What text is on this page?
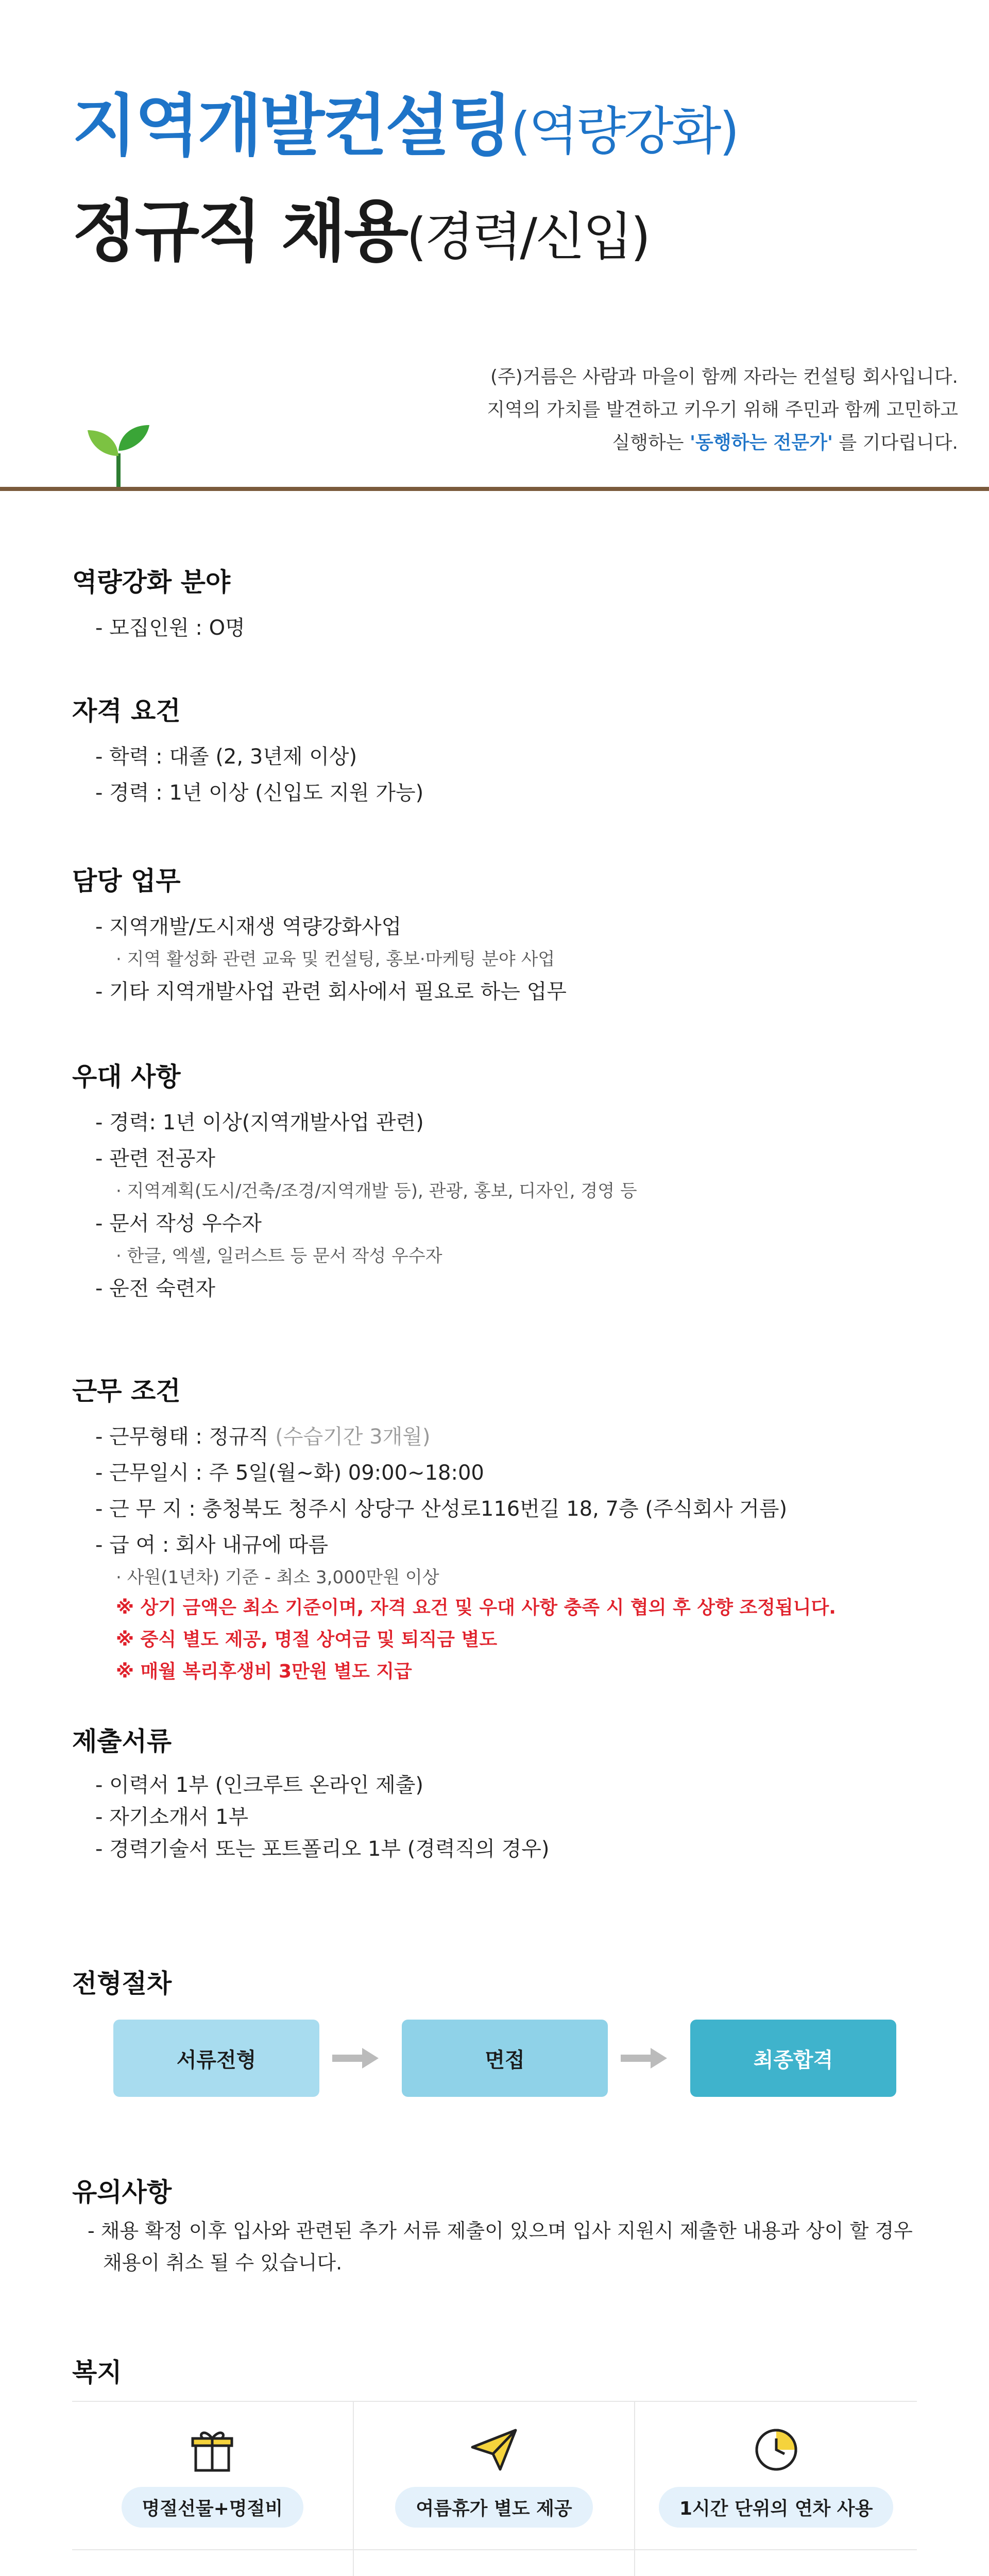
지역개발컨설팅(역량강화)
정규직 채용(경력/신입)
(주)거름은 사람과 마을이 함께 자라는 컨설팅 회사입니다.
지역의 가치를 발견하고 키우기 위해 주민과 함께 고민하고
실행하는 '동행하는 전문가' 를 기다립니다.
역량강화 분야
- 모집인원 : O명
자격 요건
- 학력 : 대졸 (2, 3년제 이상)
- 경력 : 1년 이상 (신입도 지원 가능)
담당 업무
- 지역개발/도시재생 역량강화사업
· 지역 활성화 관련 교육 및 컨설팅, 홍보·마케팅 분야 사업
- 기타 지역개발사업 관련 회사에서 필요로 하는 업무
우대 사항
- 경력: 1년 이상(지역개발사업 관련)
- 관련 전공자
· 지역계획(도시/건축/조경/지역개발 등), 관광, 홍보, 디자인, 경영 등
- 문서 작성 우수자
· 한글, 엑셀, 일러스트 등 문서 작성 우수자
- 운전 숙련자
근무 조건
- 근무형태 : 정규직 (수습기간 3개월)
- 근무일시 : 주 5일(월~화) 09:00~18:00
- 근 무 지 : 충청북도 청주시 상당구 산성로116번길 18, 7층 (주식회사 거름)
- 급 여 : 회사 내규에 따름
· 사원(1년차) 기준 - 최소 3,000만원 이상
※ 상기 금액은 최소 기준이며, 자격 요건 및 우대 사항 충족 시 협의 후 상향 조정됩니다.
※ 중식 별도 제공, 명절 상여금 및 퇴직금 별도
※ 매월 복리후생비 3만원 별도 지급
제출서류
- 이력서 1부 (인크루트 온라인 제출)
- 자기소개서 1부
- 경력기술서 또는 포트폴리오 1부 (경력직의 경우)
전형절차
서류전형	면접	최종합격
유의사항
- 채용 확정 이후 입사와 관련된 추가 서류 제출이 있으며 입사 지원시 제출한 내용과 상이 할 경우
채용이 취소 될 수 있습니다.
복지
명절선물+명절비	여름휴가 별도 제공	1시간 단위의 연차 사용
